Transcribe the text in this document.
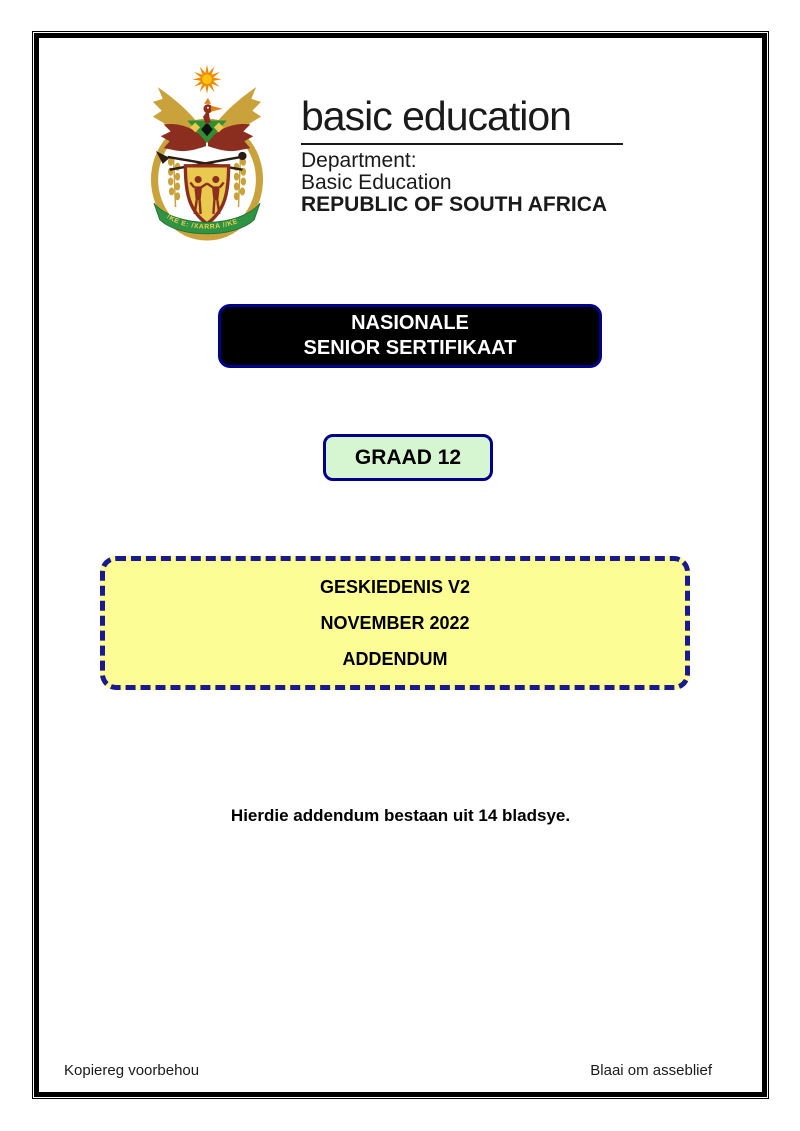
!KE E: /XARRA //KE
basic education
Department:
Basic Education
REPUBLIC OF SOUTH AFRICA
NASIONALE
SENIOR SERTIFIKAAT
GRAAD 12
GESKIEDENIS V2
NOVEMBER 2022
ADDENDUM
Hierdie addendum bestaan uit 14 bladsye.
Kopiereg voorbehou	Blaai om asseblief
